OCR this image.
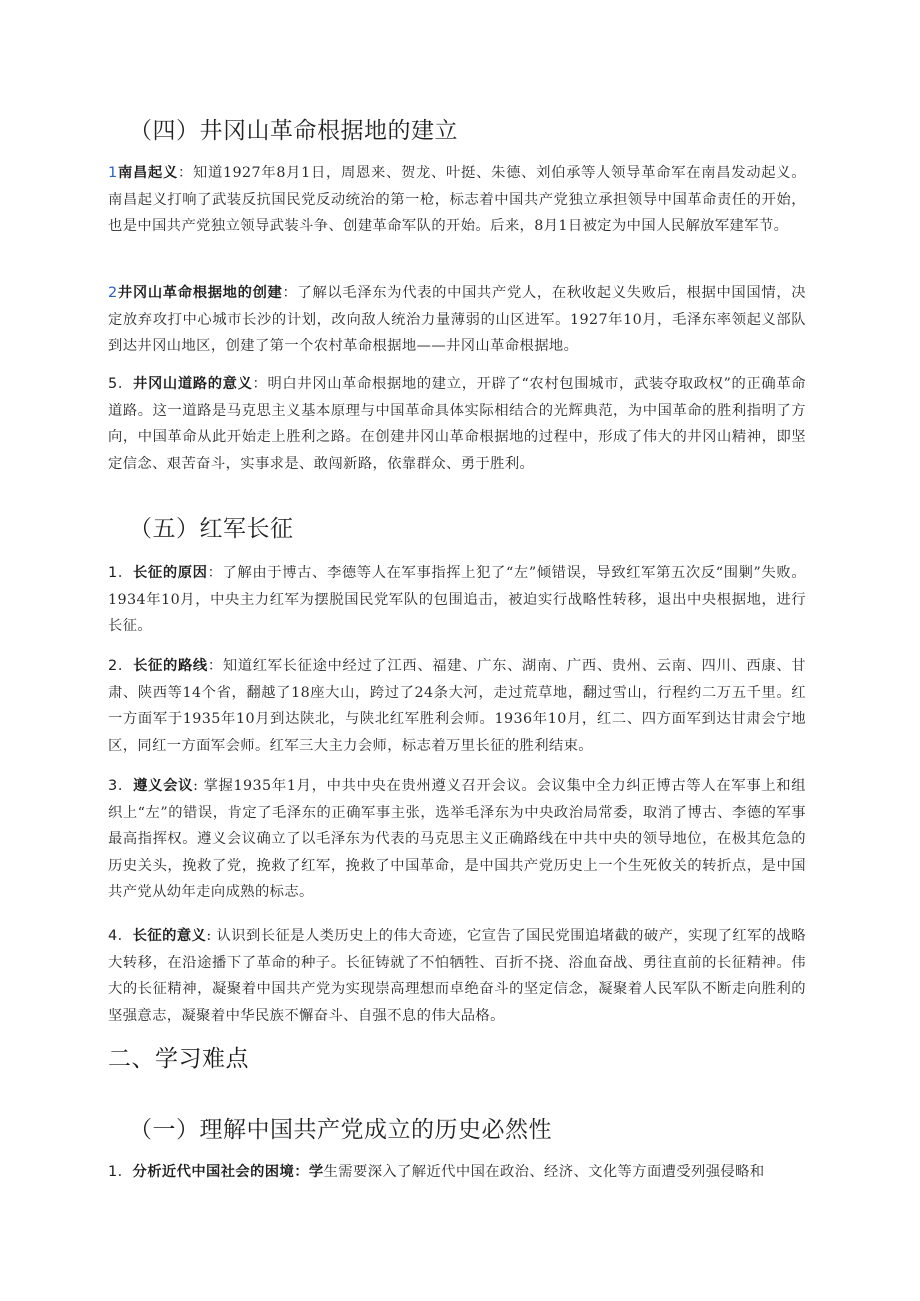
（四）井冈山革命根据地的建立

1南昌起义：知道1927年8月1日，周恩来、贺龙、叶挺、朱德、刘伯承等人领导革命军在南昌发动起义。南昌起义打响了武装反抗国民党反动统治的第一枪，标志着中国共产党独立承担领导中国革命责任的开始，也是中国共产党独立领导武装斗争、创建革命军队的开始。后来，8月1日被定为中国人民解放军建军节。

2井冈山革命根据地的创建：了解以毛泽东为代表的中国共产党人，在秋收起义失败后，根据中国国情，决定放弃攻打中心城市长沙的计划，改向敌人统治力量薄弱的山区进军。1927年10月，毛泽东率领起义部队到达井冈山地区，创建了第一个农村革命根据地——井冈山革命根据地。

5．井冈山道路的意义：明白井冈山革命根据地的建立，开辟了“农村包围城市，武装夺取政权”的正确革命道路。这一道路是马克思主义基本原理与中国革命具体实际相结合的光辉典范，为中国革命的胜利指明了方向，中国革命从此开始走上胜利之路。在创建井冈山革命根据地的过程中，形成了伟大的井冈山精神，即坚定信念、艰苦奋斗，实事求是、敢闯新路，依靠群众、勇于胜利。

（五）红军长征

1．长征的原因：了解由于博古、李德等人在军事指挥上犯了“左”倾错误，导致红军第五次反“围剿”失败。1934年10月，中央主力红军为摆脱国民党军队的包围追击，被迫实行战略性转移，退出中央根据地，进行长征。

2．长征的路线：知道红军长征途中经过了江西、福建、广东、湖南、广西、贵州、云南、四川、西康、甘肃、陕西等14个省，翻越了18座大山，跨过了24条大河，走过荒草地，翻过雪山，行程约二万五千里。红一方面军于1935年10月到达陕北，与陕北红军胜利会师。1936年10月，红二、四方面军到达甘肃会宁地区，同红一方面军会师。红军三大主力会师，标志着万里长征的胜利结束。

3．遵义会议: 掌握1935年1月，中共中央在贵州遵义召开会议。会议集中全力纠正博古等人在军事上和组织上“左”的错误，肯定了毛泽东的正确军事主张，选举毛泽东为中央政治局常委，取消了博古、李德的军事最高指挥权。遵义会议确立了以毛泽东为代表的马克思主义正确路线在中共中央的领导地位，在极其危急的历史关头，挽救了党，挽救了红军，挽救了中国革命，是中国共产党历史上一个生死攸关的转折点，是中国共产党从幼年走向成熟的标志。

4．长征的意义: 认识到长征是人类历史上的伟大奇迹，它宣告了国民党围追堵截的破产，实现了红军的战略大转移，在沿途播下了革命的种子。长征铸就了不怕牺牲、百折不挠、浴血奋战、勇往直前的长征精神。伟大的长征精神，凝聚着中国共产党为实现崇高理想而卓绝奋斗的坚定信念，凝聚着人民军队不断走向胜利的坚强意志，凝聚着中华民族不懈奋斗、自强不息的伟大品格。

二、学习难点
（一）理解中国共产党成立的历史必然性

1．分析近代中国社会的困境：学生需要深入了解近代中国在政治、经济、文化等方面遭受列强侵略和
